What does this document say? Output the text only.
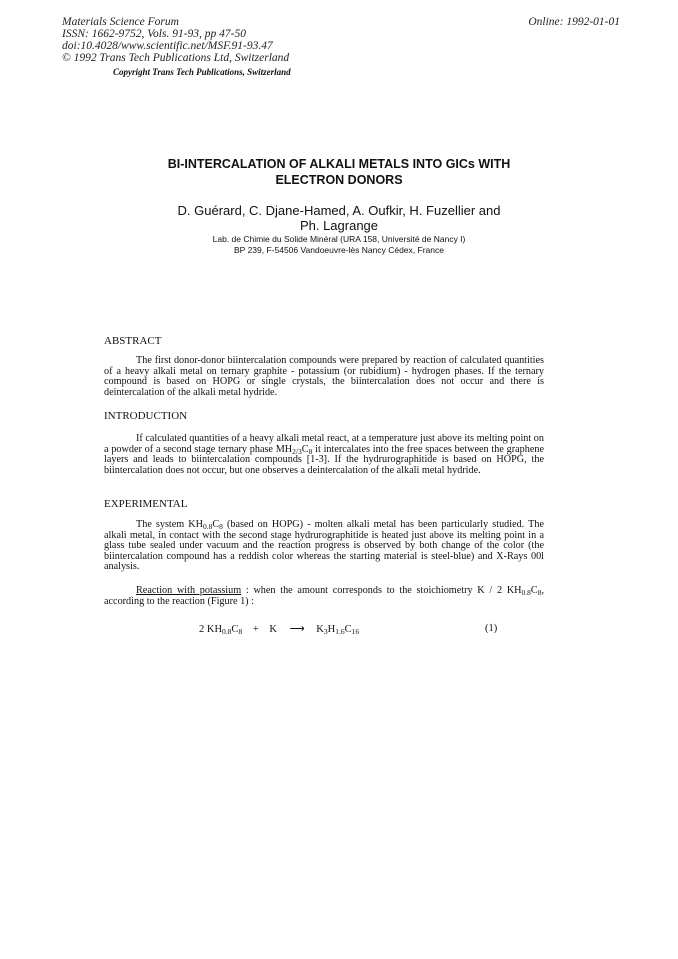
Materials Science Forum
ISSN: 1662-9752, Vols. 91-93, pp 47-50
doi:10.4028/www.scientific.net/MSF.91-93.47
© 1992 Trans Tech Publications Ltd, Switzerland
Online: 1992-01-01
Copyright Trans Tech Publications, Switzerland
BI-INTERCALATION OF ALKALI METALS INTO GICs WITH
ELECTRON DONORS
D. Guérard, C. Djane-Hamed, A. Oufkir, H. Fuzellier and
Ph. Lagrange
Lab. de Chimie du Solide Minéral (URA 158, Université de Nancy I)
BP 239, F-54506 Vandoeuvre-lès Nancy Cédex, France
ABSTRACT

The first donor-donor biintercalation compounds were prepared by reaction of calculated quantities of a heavy alkali metal on ternary graphite - potassium (or rubidium) - hydrogen phases. If the ternary compound is based on HOPG or single crystals, the biintercalation does not occur and there is deintercalation of the alkali metal hydride.

INTRODUCTION

If calculated quantities of a heavy alkali metal react, at a temperature just above its melting point on a powder of a second stage ternary phase $MH_{2/3}C_8$ it intercalates into the free spaces between the graphene layers and leads to biintercalation compounds [1-3]. If the hydrurographitide is based on HOPG, the biintercalation does not occur, but one observes a deintercalation of the alkali metal hydride.

EXPERIMENTAL

The system $KH_{0.8}C_8$ (based on HOPG) - molten alkali metal has been particularly studied. The alkali metal, in contact with the second stage hydrurographitide is heated just above its melting point in a glass tube sealed under vacuum and the reaction progress is observed by both change of the color (the biintercalation compound has a reddish color whereas the starting material is steel-blue) and X-Rays 00l analysis.

Reaction with potassium : when the amount corresponds to the stoichiometry K / 2 $KH_{0.8}C_8$, according to the reaction (Figure 1) :

2 $KH_{0.8}C_8 + K$ ⟶ $K_3H_{1.6}C_{16}$	(1)
